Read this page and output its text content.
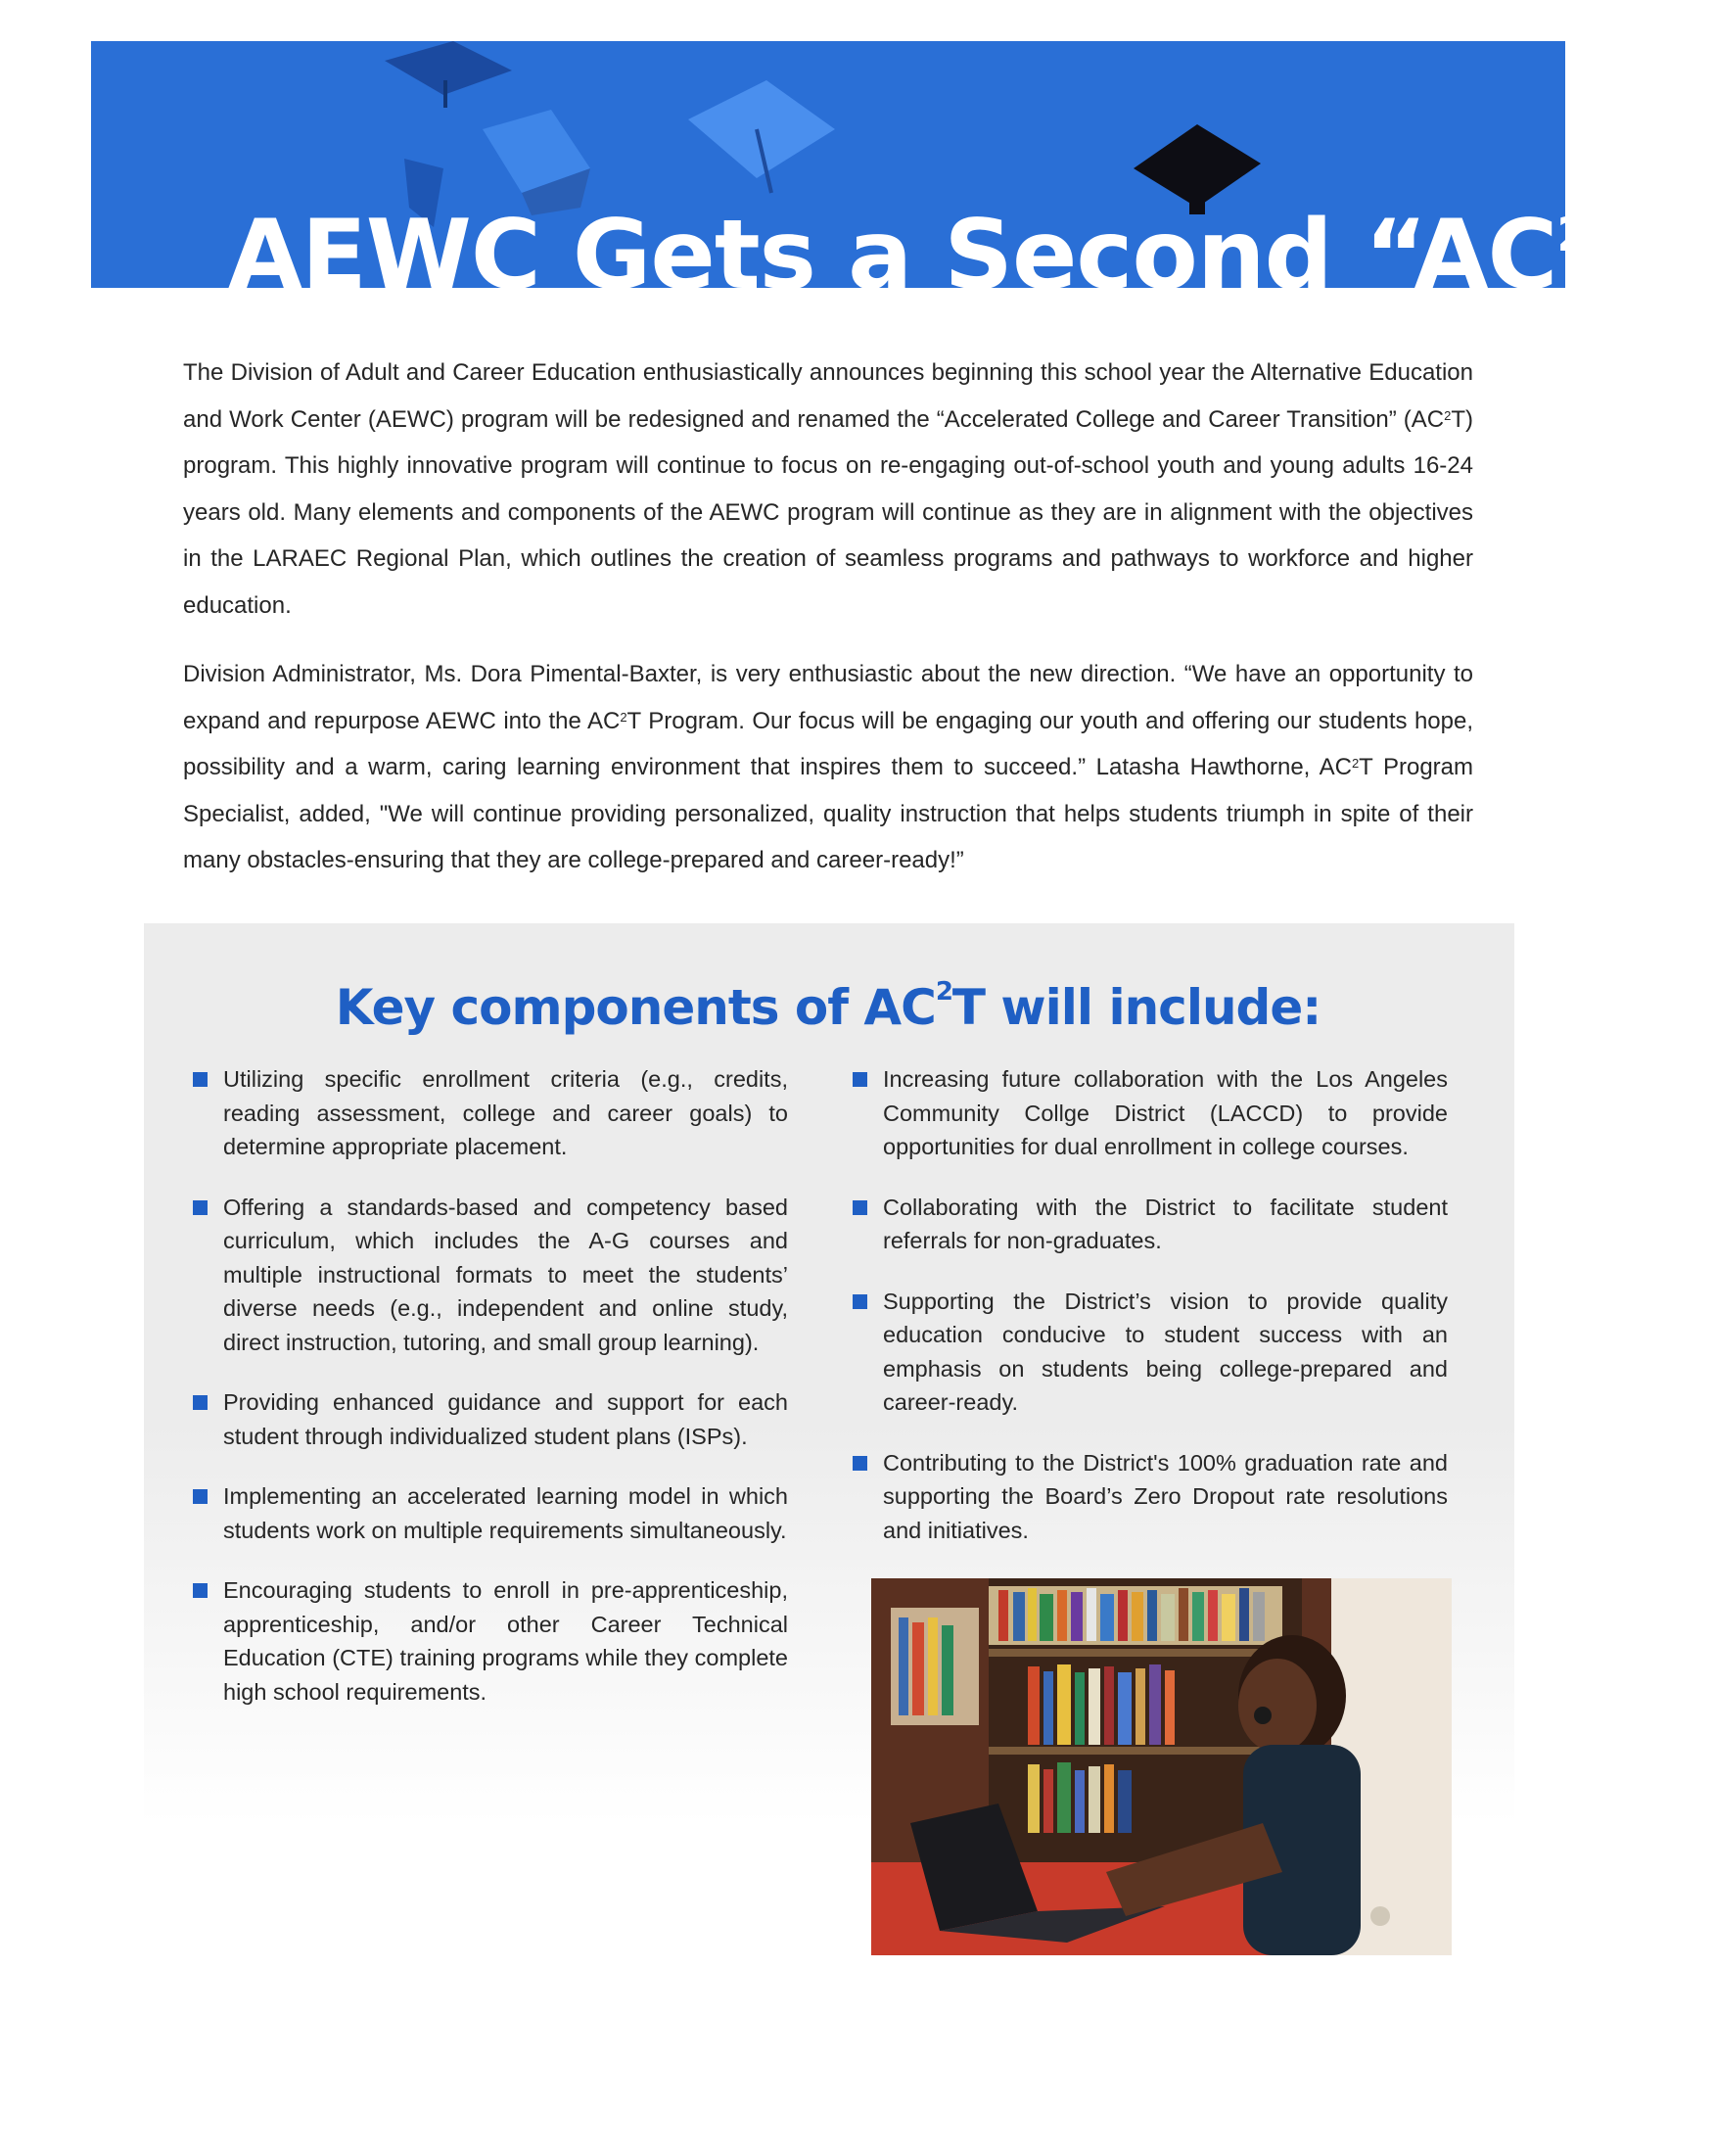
AEWC Gets a Second “$AC^2T$”

The Division of Adult and Career Education enthusiastically announces beginning this school year the Alternative Education and Work Center (AEWC) program will be redesigned and renamed the “Accelerated College and Career Transition” $(AC^2T)$ program. This highly innovative program will continue to focus on re-engaging out-of-school youth and young adults 16-24 years old. Many elements and components of the AEWC program will continue as they are in alignment with the objectives in the LARAEC Regional Plan, which outlines the creation of seamless programs and pathways to workforce and higher education.

Division Administrator, Ms. Dora Pimental-Baxter, is very enthusiastic about the new direction. “We have an opportunity to expand and repurpose AEWC into the $AC^2T$ Program. Our focus will be engaging our youth and offering our students hope, possibility and a warm, caring learning environment that inspires them to succeed.” Latasha Hawthorne, $AC^2T$ Program Specialist, added, "We will continue providing personalized, quality instruction that helps students triumph in spite of their many obstacles-ensuring that they are college-prepared and career-ready!”

Key components of $AC^2T$ will include:
Utilizing specific enrollment criteria (e.g., credits, reading assessment, college and career goals) to determine appropriate placement.
Offering a standards-based and competency based curriculum, which includes the A-G courses and multiple instructional formats to meet the students’ diverse needs (e.g., independent and online study, direct instruction, tutoring, and small group learning).
Providing enhanced guidance and support for each student through individualized student plans (ISPs).
Implementing an accelerated learning model in which students work on multiple requirements simultaneously.
Encouraging students to enroll in pre-apprenticeship, apprenticeship, and/or other Career Technical Education (CTE) training programs while they complete high school requirements.
Increasing future collaboration with the Los Angeles Community Collge District (LACCD) to provide opportunities for dual enrollment in college courses.
Collaborating with the District to facilitate student referrals for non-graduates.
Supporting the District’s vision to provide quality education conducive to student success with an emphasis on students being college-prepared and career-ready.
Contributing to the District's 100% graduation rate and supporting the Board’s Zero Dropout rate resolutions and initiatives.
